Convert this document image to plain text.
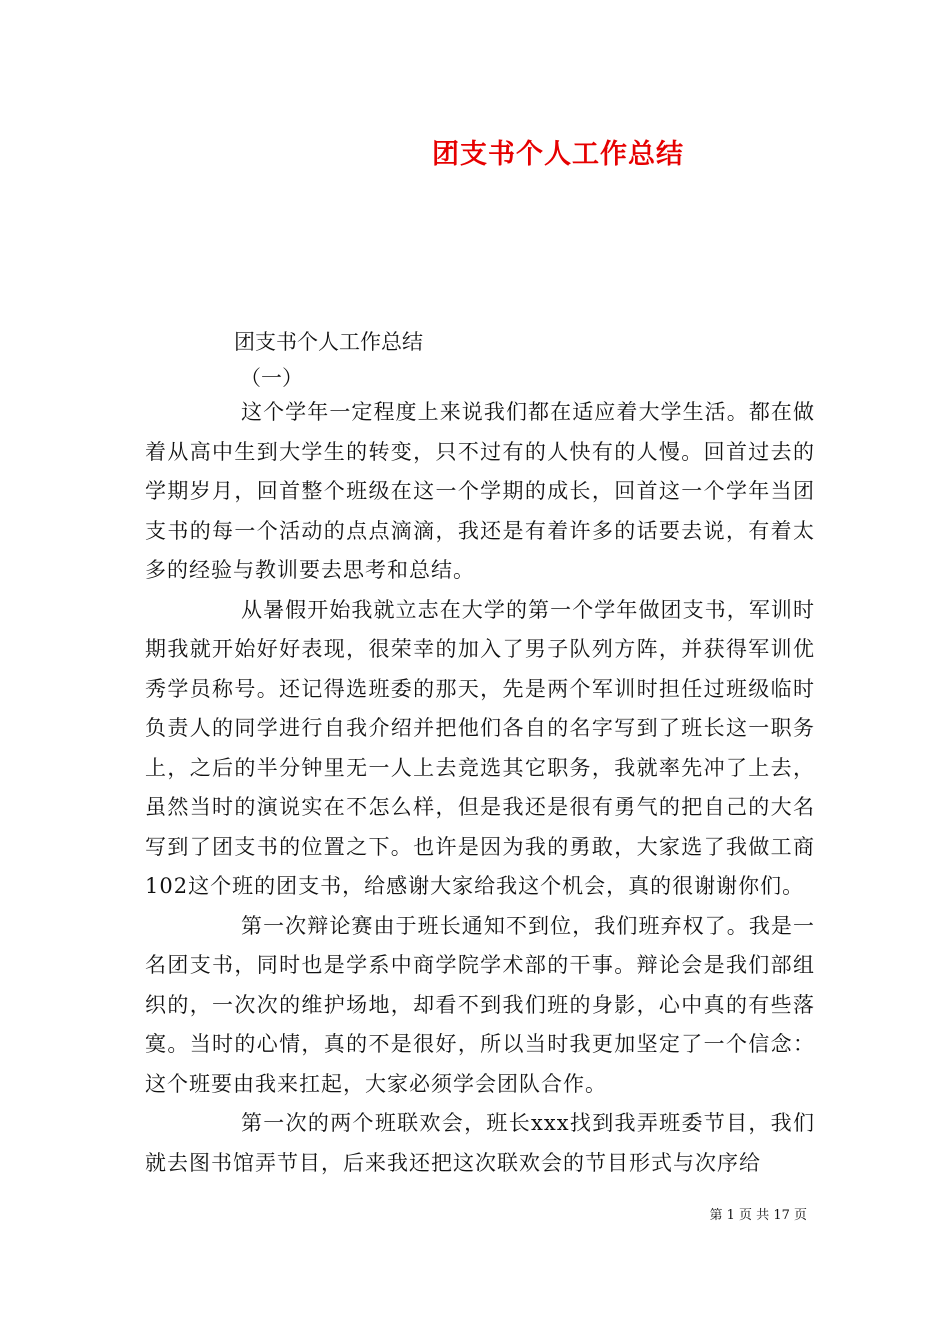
团支书个人工作总结
团支书个人工作总结
（一）

这个学年一定程度上来说我们都在适应着大学生活。都在做着从高中生到大学生的转变，只不过有的人快有的人慢。回首过去的学期岁月，回首整个班级在这一个学期的成长，回首这一个学年当团支书的每一个活动的点点滴滴，我还是有着许多的话要去说，有着太多的经验与教训要去思考和总结。

从暑假开始我就立志在大学的第一个学年做团支书，军训时期我就开始好好表现，很荣幸的加入了男子队列方阵，并获得军训优秀学员称号。还记得选班委的那天，先是两个军训时担任过班级临时负责人的同学进行自我介绍并把他们各自的名字写到了班长这一职务上，之后的半分钟里无一人上去竞选其它职务，我就率先冲了上去，虽然当时的演说实在不怎么样，但是我还是很有勇气的把自己的大名写到了团支书的位置之下。也许是因为我的勇敢，大家选了我做工商102这个班的团支书，给感谢大家给我这个机会，真的很谢谢你们。

第一次辩论赛由于班长通知不到位，我们班弃权了。我是一名团支书，同时也是学系中商学院学术部的干事。辩论会是我们部组织的，一次次的维护场地，却看不到我们班的身影，心中真的有些落寞。当时的心情，真的不是很好，所以当时我更加坚定了一个信念：这个班要由我来扛起，大家必须学会团队合作。

第一次的两个班联欢会，班长xxx找到我弄班委节目，我们就去图书馆弄节目，后来我还把这次联欢会的节目形式与次序给

第 1 页 共 17 页
